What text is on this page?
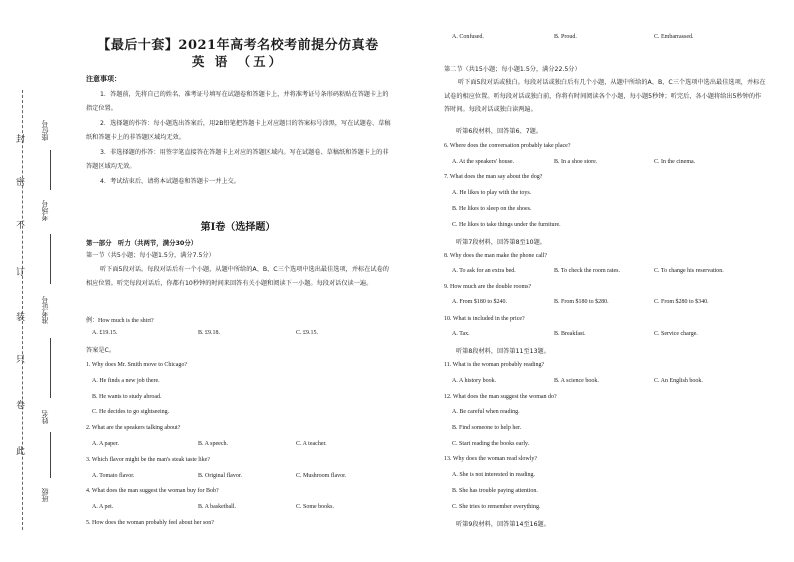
封
密
不
订
装
只
卷
此
座位号
考场号
准考证号
姓名
班级
【最后十套】2021年高考名校考前提分仿真卷
英 语 （五）
注意事项：
1．答题前，先将自己的姓名、准考证号填写在试题卷和答题卡上，并将准考证号条形码粘贴在答题卡上的指定位置。
2．选择题的作答：每小题选出答案后，用2B铅笔把答题卡上对应题目的答案标号涂黑，写在试题卷、草稿纸和答题卡上的非答题区域均无效。
3．非选择题的作答：用签字笔直接答在答题卡上对应的答题区域内。写在试题卷、草稿纸和答题卡上的非答题区域均无效。
4．考试结束后，请将本试题卷和答题卡一并上交。
第Ⅰ卷（选择题）
第一部分　听力（共两节，满分30分）
第一节（共5小题；每小题1.5分，满分7.5分）
听下面5段对话。每段对话后有一个小题，从题中所给的A、B、C三个选项中选出最佳选项，并标在试卷的相应位置。听完每段对话后，你都有10秒钟的时间来回答有关小题和阅读下一小题。每段对话仅读一遍。
例：How much is the shirt?
A. £19.15.	B. £9.18.	C. £9.15.
答案是C。
1. Why does Mr. Smith move to Chicago?
A. He finds a new job there.
B. He wants to study abroad.
C. He decides to go sightseeing.
2. What are the speakers talking about?
A. A paper.	B. A speech.	C. A teacher.
3. Which flavor might be the man's steak taste like?
A. Tomato flavor.	B. Original flavor.	C. Mushroom flavor.
4. What does the man suggest the woman buy for Bob?
A. A pet.	B. A basketball.	C. Some books.
5. How does the woman probably feel about her son?
A. Confused.	B. Proud.	C. Embarrassed.
第二节（共15小题；每小题1.5分，满分22.5分）
听下面5段对话或独白。每段对话或独白后有几个小题，从题中所给的A、B、C三个选项中选出最佳选项，并标在试卷的相应位置。听每段对话或独白前，你将有时间阅读各个小题，每小题5秒钟；听完后，各小题将给出5秒钟的作答时间。每段对话或独白读两遍。
听第6段材料，回答第6、7题。
6. Where does the conversation probably take place?
A. At the speakers' house.	B. In a shoe store.	C. In the cinema.
7. What does the man say about the dog?
A. He likes to play with the toys.
B. He likes to sleep on the shoes.
C. He likes to take things under the furniture.
听第7段材料，回答第8至10题。
8. Why does the man make the phone call?
A. To ask for an extra bed.	B. To check the room rates.	C. To change his reservation.
9. How much are the double rooms?
A. From $180 to $240.	B. From $180 to $280.	C. From $280 to $340.
10. What is included in the price?
A. Tax.	B. Breakfast.	C. Service charge.
听第8段材料，回答第11至13题。
11. What is the woman probably reading?
A. A history book.	B. A science book.	C. An English book.
12. What does the man suggest the woman do?
A. Be careful when reading.
B. Find someone to help her.
C. Start reading the books early.
13. Why does the woman read slowly?
A. She is not interested in reading.
B. She has trouble paying attention.
C. She tries to remember everything.
听第9段材料，回答第14至16题。
